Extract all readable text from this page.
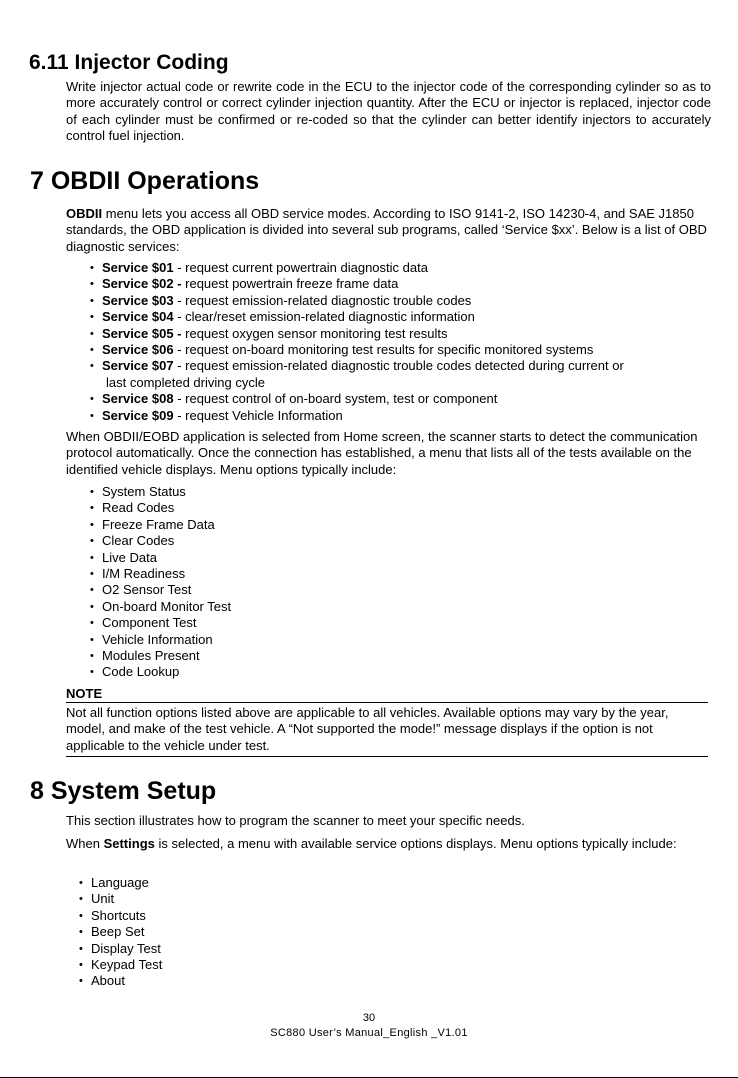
6.11 Injector Coding

Write injector actual code or rewrite code in the ECU to the injector code of the corresponding cylinder so as to more accurately control or correct cylinder injection quantity. After the ECU or injector is replaced, injector code of each cylinder must be confirmed or re-coded so that the cylinder can better identify injectors to accurately control fuel injection.

7 OBDII Operations

OBDII menu lets you access all OBD service modes. According to ISO 9141-2, ISO 14230-4, and SAE J1850 standards, the OBD application is divided into several sub programs, called ‘Service $xx’. Below is a list of OBD diagnostic services:

• Service $01 - request current powertrain diagnostic data
• Service $02 - request powertrain freeze frame data
• Service $03 - request emission-related diagnostic trouble codes
• Service $04 - clear/reset emission-related diagnostic information
• Service $05 - request oxygen sensor monitoring test results
• Service $06 - request on-board monitoring test results for specific monitored systems
• Service $07 - request emission-related diagnostic trouble codes detected during current or
last completed driving cycle
• Service $08 - request control of on-board system, test or component
• Service $09 - request Vehicle Information

When OBDII/EOBD application is selected from Home screen, the scanner starts to detect the communication protocol automatically. Once the connection has established, a menu that lists all of the tests available on the identified vehicle displays. Menu options typically include:

• System Status
• Read Codes
• Freeze Frame Data
• Clear Codes
• Live Data
• I/M Readiness
• O2 Sensor Test
• On-board Monitor Test
• Component Test
• Vehicle Information
• Modules Present
• Code Lookup
NOTE
Not all function options listed above are applicable to all vehicles. Available options may vary by the year, model, and make of the test vehicle. A “Not supported the mode!” message displays if the option is not applicable to the vehicle under test.
8 System Setup

This section illustrates how to program the scanner to meet your specific needs.

When Settings is selected, a menu with available service options displays. Menu options typically include:

• Language
• Unit
• Shortcuts
• Beep Set
• Display Test
• Keypad Test
• About
30
SC880 User’s Manual_English _V1.01
